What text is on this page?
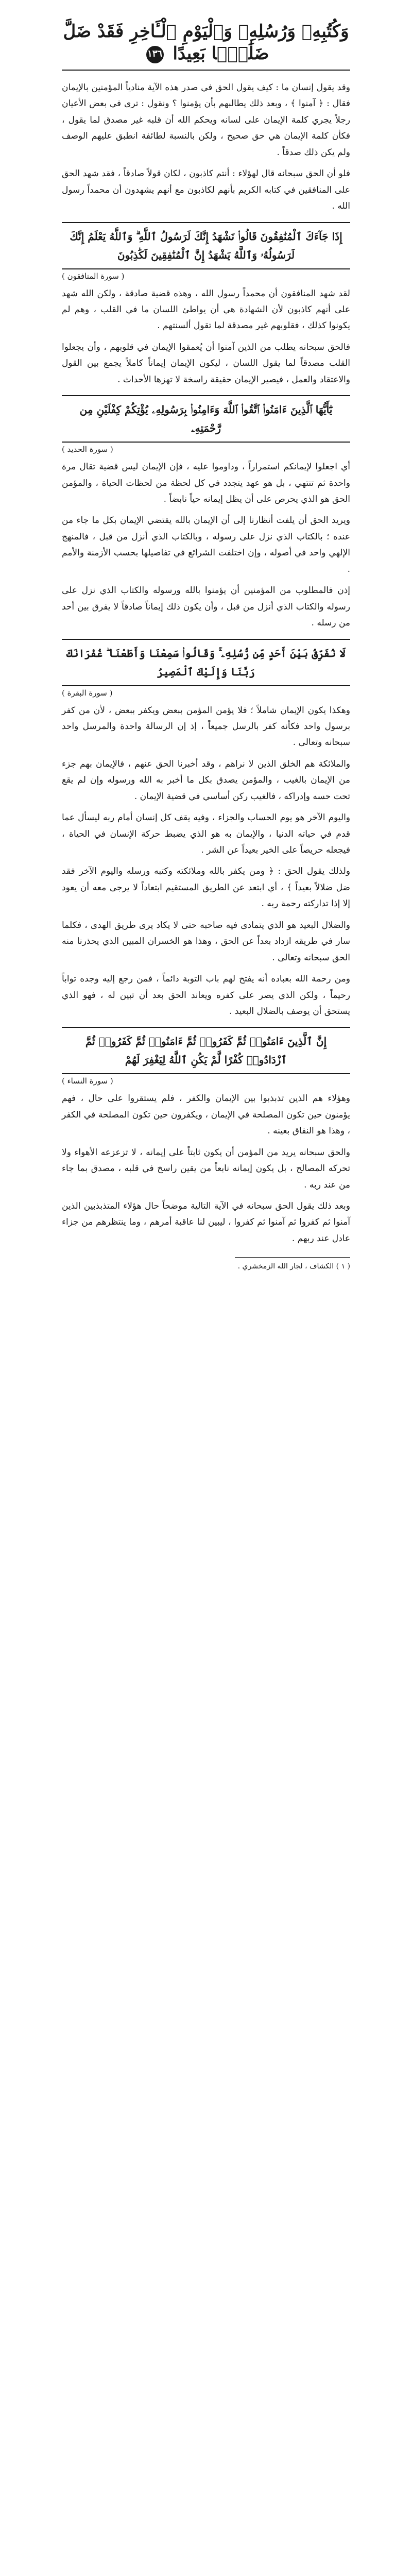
وَكُتُبِهِۦ وَرُسُلِهِۦ وَٱلْيَوْمِ ٱلْـَٔاخِرِ فَقَدْ ضَلَّ ضَلَٰلًۢا بَعِيدًا ١٣٦

وقد يقول إنسان ما : كيف يقول الحق في صدر هذه الآية منادياً المؤمنين بالإيمان فقال : ﴿ آمنوا ﴾ ، وبعد ذلك يطالبهم بأن يؤمنوا ؟ ونقول : ترى في بعض الأعيان رجلاً يجري كلمة الإيمان على لسانه ويحكم الله أن قلبه غير مصدق لما يقول ، فكأن كلمة الإيمان هي حق صحيح ، ولكن بالنسبة لطائفة انطبق عليهم الوصف ولم يكن ذلك صدقاً .

فلو أن الحق سبحانه قال لهؤلاء : أنتم كاذبون ، لكان قولاً صادقاً ، فقد شهد الحق على المنافقين في كتابه الكريم بأنهم لكاذبون مع أنهم يشهدون أن محمداً رسول الله .

إِذَا جَآءَكَ ٱلْمُنَٰفِقُونَ قَالُوا۟ نَشْهَدُ إِنَّكَ لَرَسُولُ ٱللَّهِ ۗ وَٱللَّهُ يَعْلَمُ إِنَّكَ لَرَسُولُهُۥ وَٱللَّهُ يَشْهَدُ إِنَّ ٱلْمُنَٰفِقِينَ لَكَٰذِبُونَ
( سورة المنافقون )

لقد شهد المنافقون أن محمداً رسول الله ، وهذه قضية صادقة ، ولكن الله شهد على أنهم كاذبون لأن الشهادة هي أن يواطئ اللسان ما في القلب ، وهم لم يكونوا كذلك ، فقلوبهم غير مصدقة لما تقول ألسنتهم .

فالحق سبحانه يطلب من الذين آمنوا أن يُعمقوا الإيمان في قلوبهم ، وأن يجعلوا القلب مصدقاً لما يقول اللسان ، ليكون الإيمان إيماناً كاملاً يجمع بين القول والاعتقاد والعمل ، فيصير الإيمان حقيقة راسخة لا تهزها الأحداث .

يَٰٓأَيُّهَا ٱلَّذِينَ ءَامَنُوا۟ ٱتَّقُوا۟ ٱللَّهَ وَءَامِنُوا۟ بِرَسُولِهِۦ يُؤْتِكُمْ كِفْلَيْنِ مِن رَّحْمَتِهِۦ
( سورة الحديد )

أي اجعلوا لإيمانكم استمراراً ، وداوموا عليه ، فإن الإيمان ليس قضية تقال مرة واحدة ثم تنتهي ، بل هو عهد يتجدد في كل لحظة من لحظات الحياة ، والمؤمن الحق هو الذي يحرص على أن يظل إيمانه حياً نابضاً .

ويريد الحق أن يلفت أنظارنا إلى أن الإيمان بالله يقتضي الإيمان بكل ما جاء من عنده ؛ بالكتاب الذي نزل على رسوله ، وبالكتاب الذي أنزل من قبل ، فالمنهج الإلهي واحد في أصوله ، وإن اختلفت الشرائع في تفاصيلها بحسب الأزمنة والأمم .

إذن فالمطلوب من المؤمنين أن يؤمنوا بالله ورسوله والكتاب الذي نزل على رسوله والكتاب الذي أنزل من قبل ، وأن يكون ذلك إيماناً صادقاً لا يفرق بين أحد من رسله .

لَا نُفَرِّقُ بَيْنَ أَحَدٍ مِّن رُّسُلِهِۦ ۚ وَقَالُوا۟ سَمِعْنَا وَأَطَعْنَا ۖ غُفْرَانَكَ رَبَّنَا وَإِلَيْكَ ٱلْمَصِيرُ
( سورة البقرة )

وهكذا يكون الإيمان شاملاً ؛ فلا يؤمن المؤمن ببعض ويكفر ببعض ، لأن من كفر برسول واحد فكأنه كفر بالرسل جميعاً ، إذ إن الرسالة واحدة والمرسل واحد سبحانه وتعالى .

والملائكة هم الخلق الذين لا نراهم ، وقد أخبرنا الحق عنهم ، فالإيمان بهم جزء من الإيمان بالغيب ، والمؤمن يصدق بكل ما أخبر به الله ورسوله وإن لم يقع تحت حسه وإدراكه ، فالغيب ركن أساسي في قضية الإيمان .

واليوم الآخر هو يوم الحساب والجزاء ، وفيه يقف كل إنسان أمام ربه ليسأل عما قدم في حياته الدنيا ، والإيمان به هو الذي يضبط حركة الإنسان في الحياة ، فيجعله حريصاً على الخير بعيداً عن الشر .

ولذلك يقول الحق : ﴿ ومن يكفر بالله وملائكته وكتبه ورسله واليوم الآخر فقد ضل ضلالاً بعيداً ﴾ ، أي ابتعد عن الطريق المستقيم ابتعاداً لا يرجى معه أن يعود إلا إذا تداركته رحمة ربه .

والضلال البعيد هو الذي يتمادى فيه صاحبه حتى لا يكاد يرى طريق الهدى ، فكلما سار في طريقه ازداد بعداً عن الحق ، وهذا هو الخسران المبين الذي يحذرنا منه الحق سبحانه وتعالى .

ومن رحمة الله بعباده أنه يفتح لهم باب التوبة دائماً ، فمن رجع إليه وجده تواباً رحيماً ، ولكن الذي يصر على كفره ويعاند الحق بعد أن تبين له ، فهو الذي يستحق أن يوصف بالضلال البعيد .

إِنَّ ٱلَّذِينَ ءَامَنُوا۟ ثُمَّ كَفَرُوا۟ ثُمَّ ءَامَنُوا۟ ثُمَّ كَفَرُوا۟ ثُمَّ ٱزْدَادُوا۟ كُفْرًا لَّمْ يَكُنِ ٱللَّهُ لِيَغْفِرَ لَهُمْ
( سورة النساء )

وهؤلاء هم الذين تذبذبوا بين الإيمان والكفر ، فلم يستقروا على حال ، فهم يؤمنون حين تكون المصلحة في الإيمان ، ويكفرون حين تكون المصلحة في الكفر ، وهذا هو النفاق بعينه .

والحق سبحانه يريد من المؤمن أن يكون ثابتاً على إيمانه ، لا تزعزعه الأهواء ولا تحركه المصالح ، بل يكون إيمانه نابعاً من يقين راسخ في قلبه ، مصدق بما جاء من عند ربه .

وبعد ذلك يقول الحق سبحانه في الآية التالية موضحاً حال هؤلاء المتذبذبين الذين آمنوا ثم كفروا ثم آمنوا ثم كفروا ، ليبين لنا عاقبة أمرهم ، وما ينتظرهم من جزاء عادل عند ربهم .

( ١ ) الكشاف ، لجار الله الزمخشري .
